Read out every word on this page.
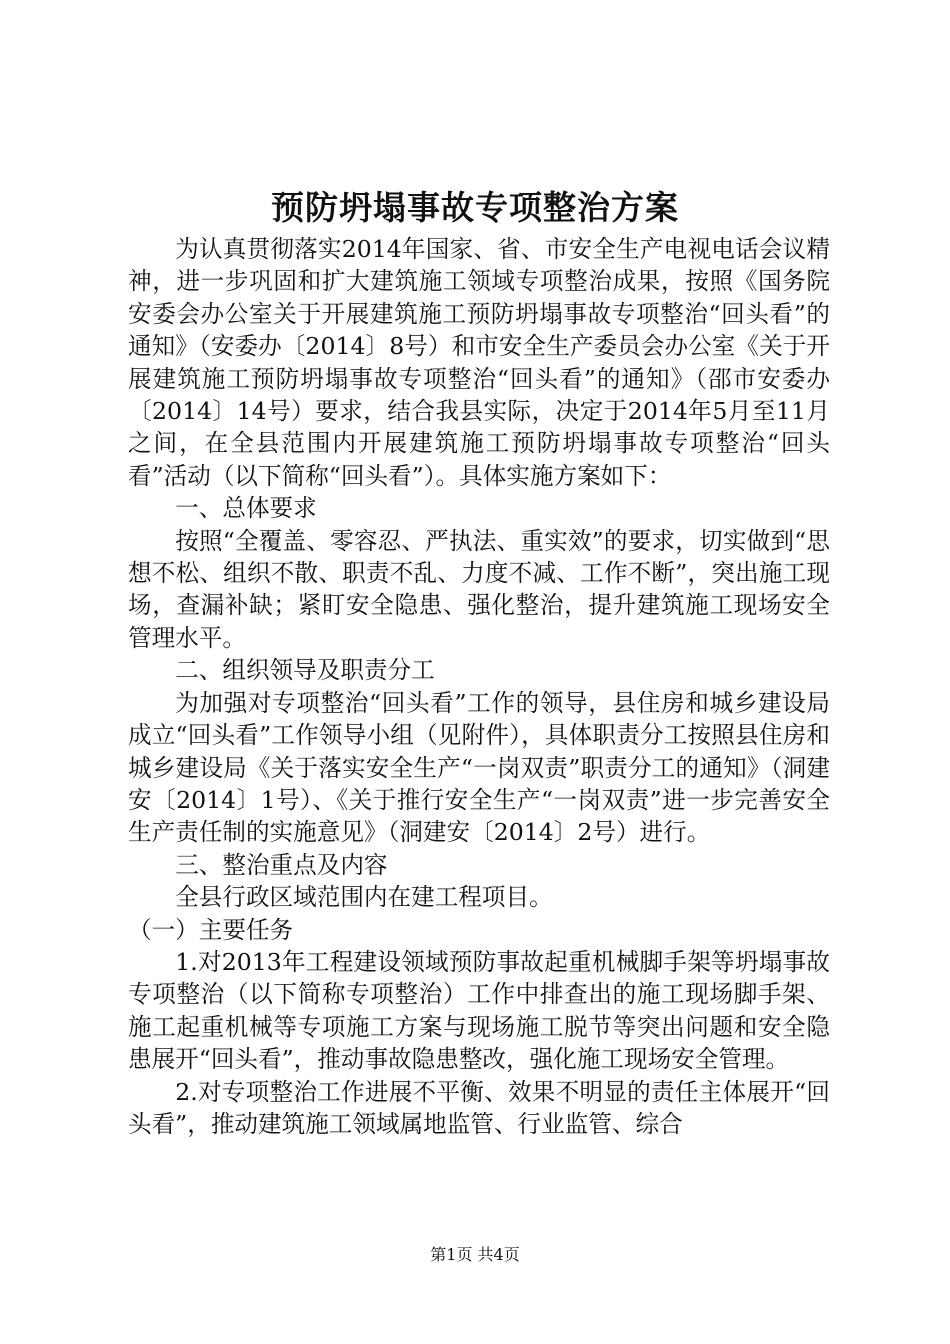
预防坍塌事故专项整治方案

为认真贯彻落实2014年国家、省、市安全生产电视电话会议精神，进一步巩固和扩大建筑施工领域专项整治成果，按照《国务院安委会办公室关于开展建筑施工预防坍塌事故专项整治“回头看”的通知》（安委办〔2014〕8号）和市安全生产委员会办公室《关于开展建筑施工预防坍塌事故专项整治“回头看”的通知》（邵市安委办〔2014〕14号）要求，结合我县实际，决定于2014年5月至11月之间，在全县范围内开展建筑施工预防坍塌事故专项整治“回头看”活动（以下简称“回头看”）。具体实施方案如下：

一、总体要求

按照“全覆盖、零容忍、严执法、重实效”的要求，切实做到“思想不松、组织不散、职责不乱、力度不减、工作不断”，突出施工现场，查漏补缺；紧盯安全隐患、强化整治，提升建筑施工现场安全管理水平。

二、组织领导及职责分工

为加强对专项整治“回头看”工作的领导，县住房和城乡建设局成立“回头看”工作领导小组（见附件），具体职责分工按照县住房和城乡建设局《关于落实安全生产“一岗双责”职责分工的通知》（洞建安〔2014〕1号）、《关于推行安全生产“一岗双责”进一步完善安全生产责任制的实施意见》（洞建安〔2014〕2号）进行。

三、整治重点及内容

全县行政区域范围内在建工程项目。

（一）主要任务

1.对2013年工程建设领域预防事故起重机械脚手架等坍塌事故专项整治（以下简称专项整治）工作中排查出的施工现场脚手架、施工起重机械等专项施工方案与现场施工脱节等突出问题和安全隐患展开“回头看”，推动事故隐患整改，强化施工现场安全管理。

2.对专项整治工作进展不平衡、效果不明显的责任主体展开“回头看”，推动建筑施工领域属地监管、行业监管、综合

第1页 共4页
